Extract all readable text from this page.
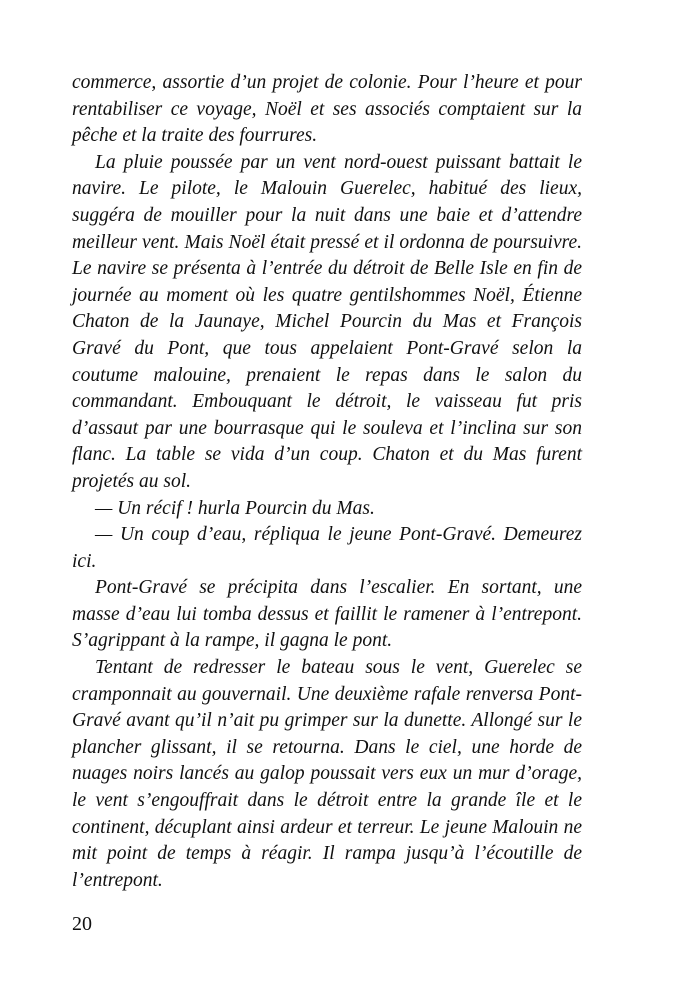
commerce, assortie d’un projet de colonie. Pour l’heure et pour rentabiliser ce voyage, Noël et ses associés comptaient sur la pêche et la traite des fourrures.

La pluie poussée par un vent nord-ouest puissant battait le navire. Le pilote, le Malouin Guerelec, habitué des lieux, suggéra de mouiller pour la nuit dans une baie et d’attendre meilleur vent. Mais Noël était pressé et il ordonna de poursuivre. Le navire se présenta à l’entrée du détroit de Belle Isle en fin de journée au moment où les quatre gentilshommes Noël, Étienne Chaton de la Jaunaye, Michel Pourcin du Mas et François Gravé du Pont, que tous appelaient Pont-Gravé selon la coutume malouine, prenaient le repas dans le salon du commandant. Embouquant le détroit, le vaisseau fut pris d’assaut par une bourrasque qui le souleva et l’inclina sur son flanc. La table se vida d’un coup. Chaton et du Mas furent projetés au sol.

— Un récif ! hurla Pourcin du Mas.

— Un coup d’eau, répliqua le jeune Pont-Gravé. Demeurez ici.

Pont-Gravé se précipita dans l’escalier. En sortant, une masse d’eau lui tomba dessus et faillit le ramener à l’entrepont. S’agrippant à la rampe, il gagna le pont.

Tentant de redresser le bateau sous le vent, Guerelec se cramponnait au gouvernail. Une deuxième rafale renversa Pont-Gravé avant qu’il n’ait pu grimper sur la dunette. Allongé sur le plancher glissant, il se retourna. Dans le ciel, une horde de nuages noirs lancés au galop poussait vers eux un mur d’orage, le vent s’engouffrait dans le détroit entre la grande île et le continent, décuplant ainsi ardeur et terreur. Le jeune Malouin ne mit point de temps à réagir. Il rampa jusqu’à l’écoutille de l’entrepont.

20
